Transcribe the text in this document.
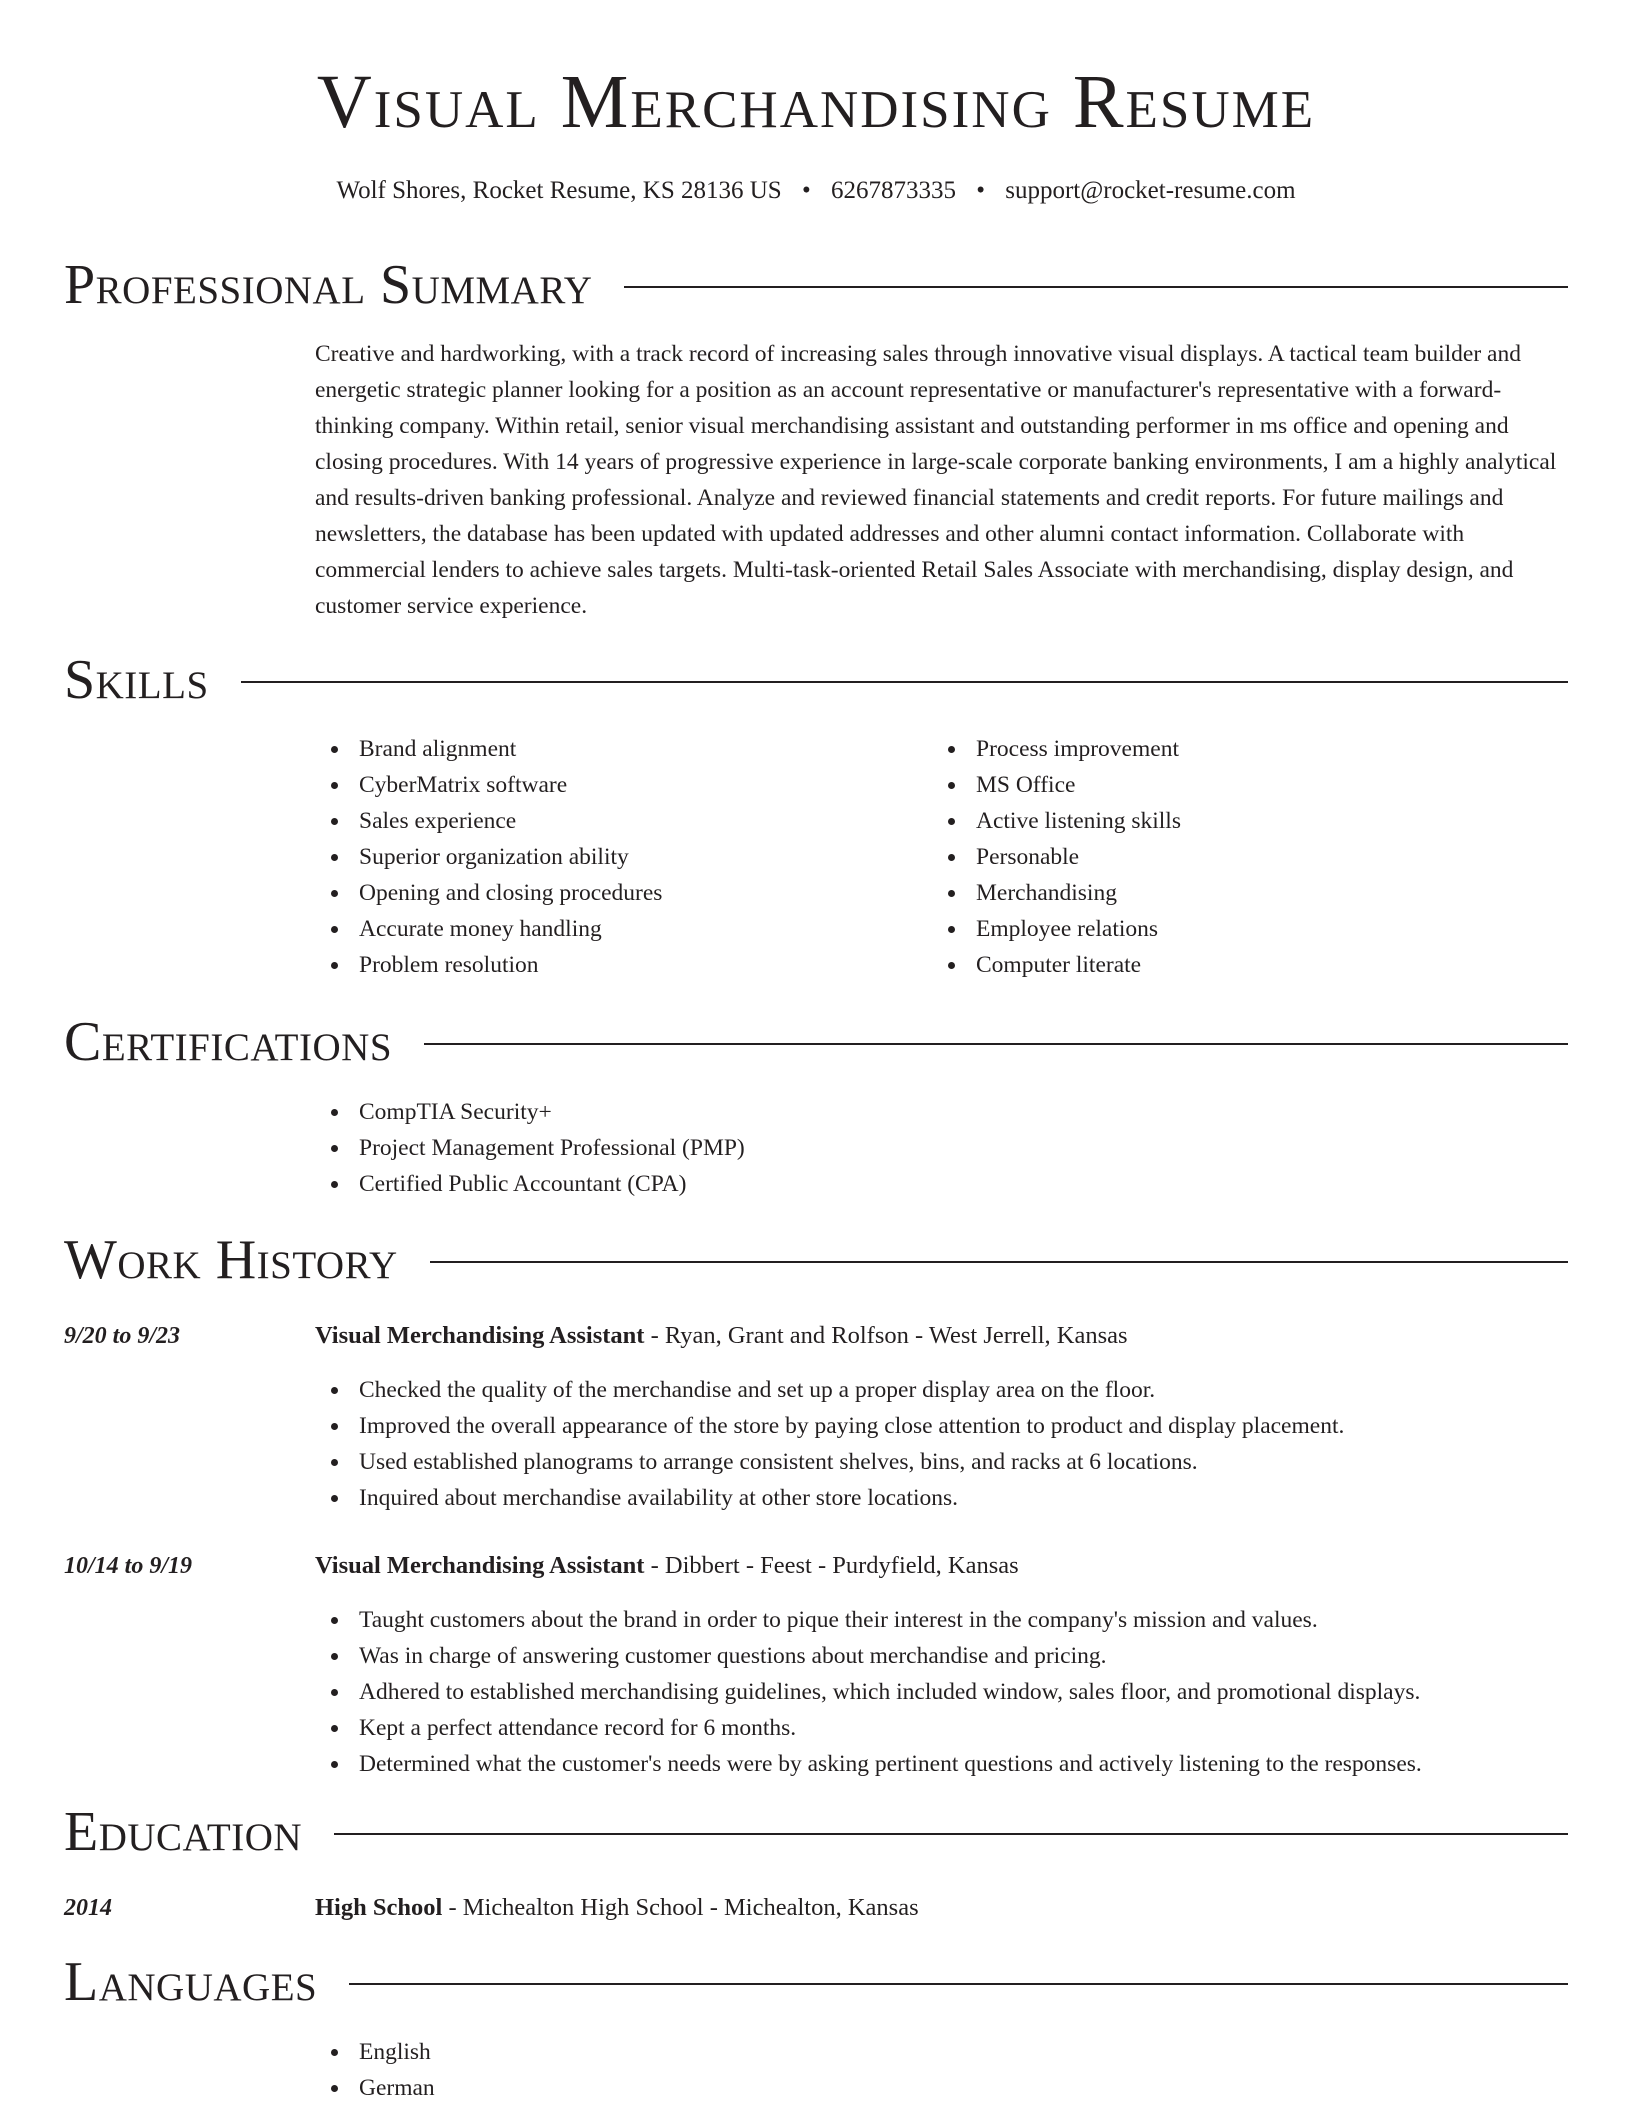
Visual Merchandising Resume
Wolf Shores, Rocket Resume, KS 28136 US • 6267873335 • support@rocket-resume.com
Professional Summary

Creative and hardworking, with a track record of increasing sales through innovative visual displays. A tactical team builder and energetic strategic planner looking for a position as an account representative or manufacturer's representative with a forward-thinking company. Within retail, senior visual merchandising assistant and outstanding performer in ms office and opening and closing procedures. With 14 years of progressive experience in large-scale corporate banking environments, I am a highly analytical and results-driven banking professional. Analyze and reviewed financial statements and credit reports. For future mailings and newsletters, the database has been updated with updated addresses and other alumni contact information. Collaborate with commercial lenders to achieve sales targets. Multi-task-oriented Retail Sales Associate with merchandising, display design, and customer service experience.

Skills
Brand alignment
CyberMatrix software
Sales experience
Superior organization ability
Opening and closing procedures
Accurate money handling
Problem resolution
Process improvement
MS Office
Active listening skills
Personable
Merchandising
Employee relations
Computer literate
Certifications
CompTIA Security+
Project Management Professional (PMP)
Certified Public Accountant (CPA)
Work History
9/20 to 9/23	Visual Merchandising Assistant - Ryan, Grant and Rolfson - West Jerrell, Kansas
Checked the quality of the merchandise and set up a proper display area on the floor.
Improved the overall appearance of the store by paying close attention to product and display placement.
Used established planograms to arrange consistent shelves, bins, and racks at 6 locations.
Inquired about merchandise availability at other store locations.
10/14 to 9/19	Visual Merchandising Assistant - Dibbert - Feest - Purdyfield, Kansas
Taught customers about the brand in order to pique their interest in the company's mission and values.
Was in charge of answering customer questions about merchandise and pricing.
Adhered to established merchandising guidelines, which included window, sales floor, and promotional displays.
Kept a perfect attendance record for 6 months.
Determined what the customer's needs were by asking pertinent questions and actively listening to the responses.
Education
2014	High School - Michealton High School - Michealton, Kansas
Languages
English
German
